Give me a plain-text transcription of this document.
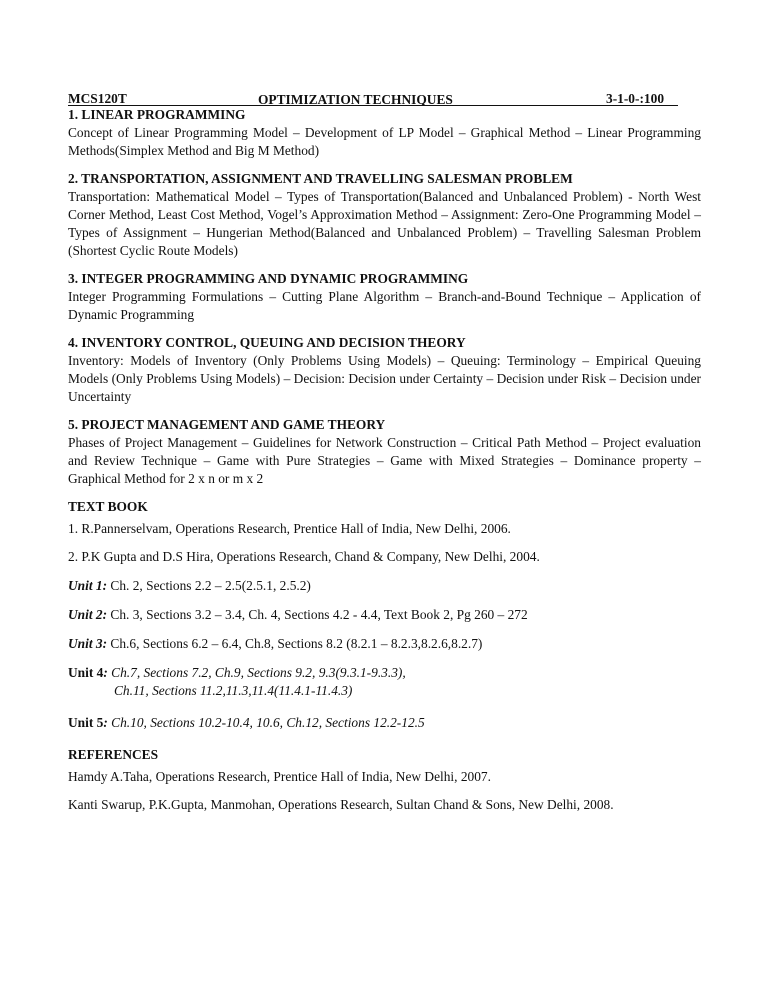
MCS120T	OPTIMIZATION TECHNIQUES	3-1-0-:100
1. LINEAR PROGRAMMING

Concept of Linear Programming Model – Development of LP Model – Graphical Method – Linear Programming Methods(Simplex Method and Big M Method)

2. TRANSPORTATION, ASSIGNMENT AND TRAVELLING SALESMAN PROBLEM

Transportation: Mathematical Model – Types of Transportation(Balanced and Unbalanced Problem) - North West Corner Method, Least Cost Method, Vogel’s Approximation Method – Assignment: Zero-One Programming Model – Types of Assignment – Hungerian Method(Balanced and Unbalanced Problem) – Travelling Salesman Problem (Shortest Cyclic Route Models)

3. INTEGER PROGRAMMING AND DYNAMIC PROGRAMMING

Integer Programming Formulations – Cutting Plane Algorithm – Branch-and-Bound Technique – Application of Dynamic Programming

4. INVENTORY CONTROL, QUEUING AND DECISION THEORY

Inventory: Models of Inventory (Only Problems Using Models) – Queuing: Terminology – Empirical Queuing Models (Only Problems Using Models) – Decision: Decision under Certainty – Decision under Risk – Decision under Uncertainty

5. PROJECT MANAGEMENT AND GAME THEORY

Phases of Project Management – Guidelines for Network Construction – Critical Path Method – Project evaluation and Review Technique – Game with Pure Strategies – Game with Mixed Strategies – Dominance property – Graphical Method for 2 x n or m x 2

TEXT BOOK

1. R.Pannerselvam, Operations Research, Prentice Hall of India, New Delhi, 2006.

2. P.K Gupta and D.S Hira, Operations Research, Chand & Company, New Delhi, 2004.

Unit 1: Ch. 2, Sections 2.2 – 2.5(2.5.1, 2.5.2)
Unit 2: Ch. 3, Sections 3.2 – 3.4, Ch. 4, Sections 4.2 - 4.4, Text Book 2, Pg 260 – 272
Unit 3: Ch.6, Sections 6.2 – 6.4, Ch.8, Sections 8.2 (8.2.1 – 8.2.3,8.2.6,8.2.7)
Unit 4: Ch.7, Sections 7.2, Ch.9, Sections 9.2, 9.3(9.3.1-9.3.3),
Ch.11, Sections 11.2,11.3,11.4(11.4.1-11.4.3)
Unit 5: Ch.10, Sections 10.2-10.4, 10.6, Ch.12, Sections 12.2-12.5
REFERENCES

Hamdy A.Taha, Operations Research, Prentice Hall of India, New Delhi, 2007.

Kanti Swarup, P.K.Gupta, Manmohan, Operations Research, Sultan Chand & Sons, New Delhi, 2008.
